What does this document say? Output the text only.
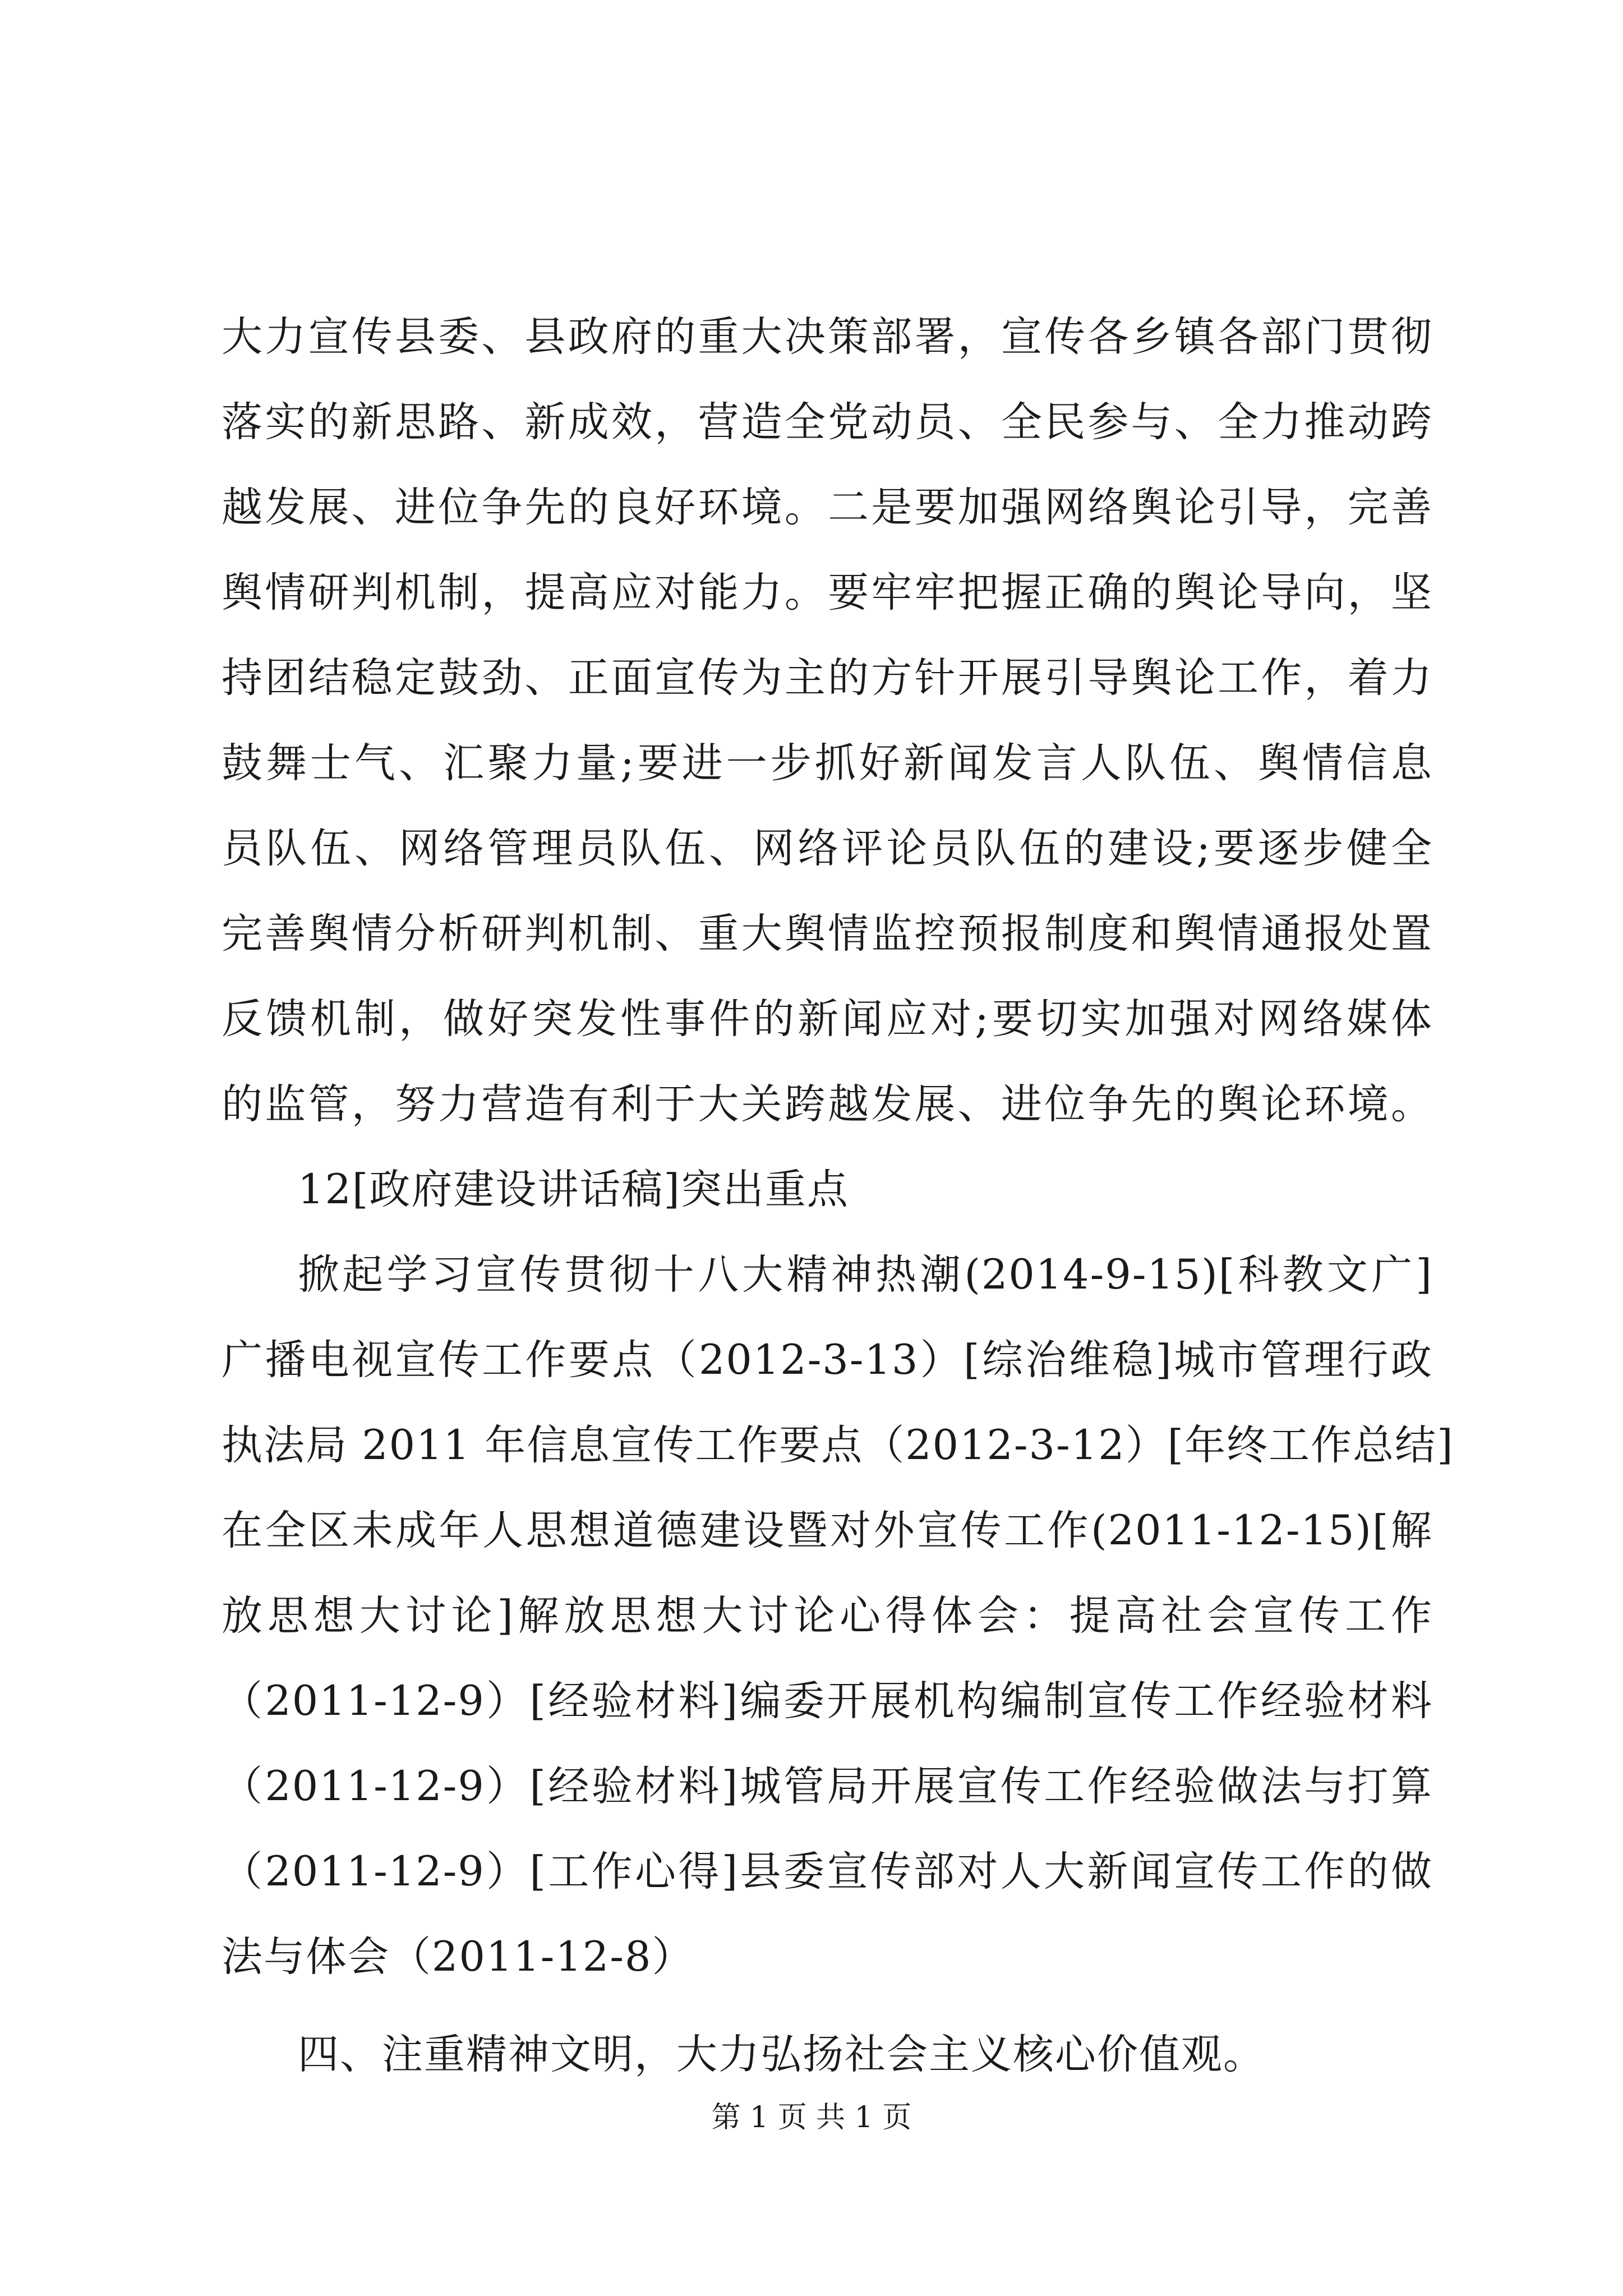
大力宣传县委、县政府的重大决策部署，宣传各乡镇各部门贯彻
落实的新思路、新成效，营造全党动员、全民参与、全力推动跨
越发展、进位争先的良好环境。二是要加强网络舆论引导，完善
舆情研判机制，提高应对能力。要牢牢把握正确的舆论导向，坚
持团结稳定鼓劲、正面宣传为主的方针开展引导舆论工作，着力
鼓舞士气、汇聚力量;要进一步抓好新闻发言人队伍、舆情信息
员队伍、网络管理员队伍、网络评论员队伍的建设;要逐步健全
完善舆情分析研判机制、重大舆情监控预报制度和舆情通报处置
反馈机制，做好突发性事件的新闻应对;要切实加强对网络媒体
的监管，努力营造有利于大关跨越发展、进位争先的舆论环境。
12[政府建设讲话稿]突出重点
掀起学习宣传贯彻十八大精神热潮(2014-9-15)[科教文广]
广播电视宣传工作要点（2012-3-13）[综治维稳]城市管理行政
执法局 2011 年信息宣传工作要点（2012-3-12）[年终工作总结]
在全区未成年人思想道德建设暨对外宣传工作(2011-12-15)[解
放思想大讨论]解放思想大讨论心得体会：提高社会宣传工作
（2011-12-9）[经验材料]编委开展机构编制宣传工作经验材料
（2011-12-9）[经验材料]城管局开展宣传工作经验做法与打算
（2011-12-9）[工作心得]县委宣传部对人大新闻宣传工作的做
法与体会（2011-12-8）
四、注重精神文明，大力弘扬社会主义核心价值观。
第 1 页 共 1 页
